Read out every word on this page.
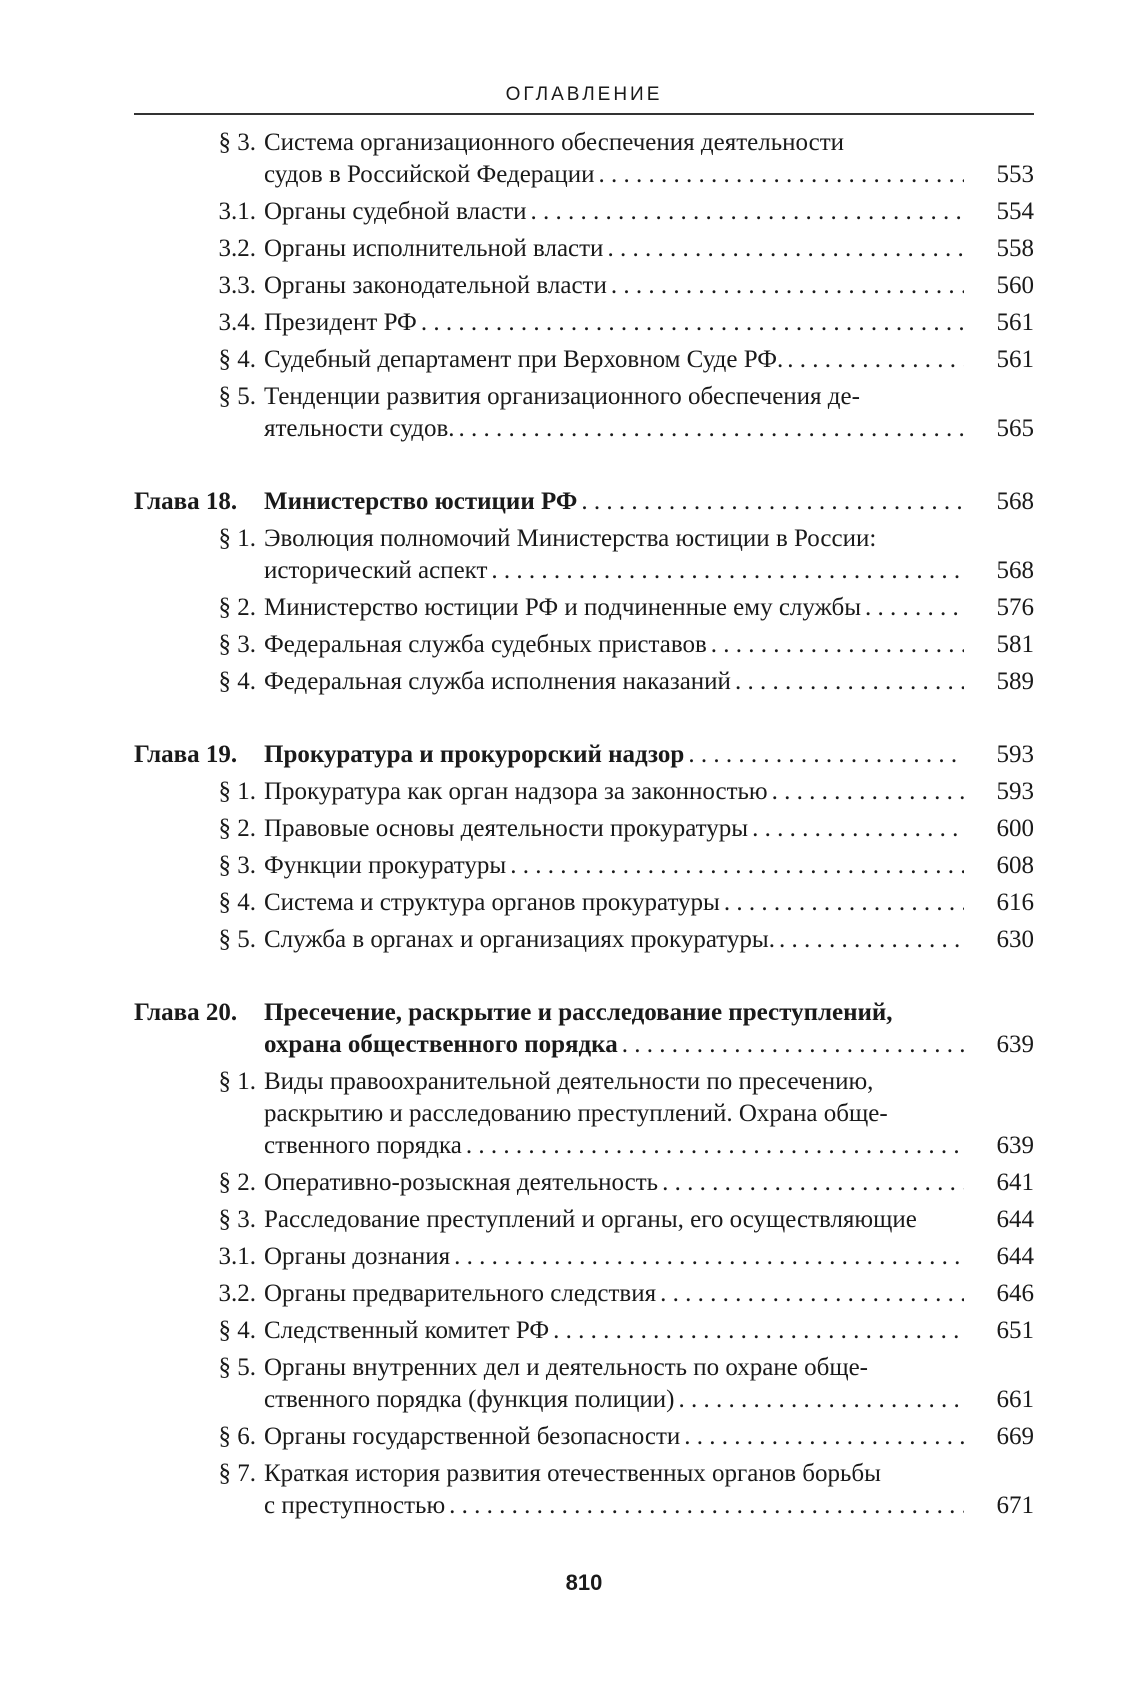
ОГЛАВЛЕНИЕ
§ 3. Система организационного обеспечения деятельности
судов в Российской Федерации . . .	553
3.1. Органы судебной власти . . .	554
3.2. Органы исполнительной власти . . .	558
3.3. Органы законодательной власти . . .	560
3.4. Президент РФ . . .	561
§ 4. Судебный департамент при Верховном Суде РФ. . . .	561
§ 5. Тенденции развития организационного обеспечения де-
ятельности судов. . . .	565
Глава 18. Министерство юстиции РФ . . .	568
§ 1. Эволюция полномочий Министерства юстиции в России:
исторический аспект . . .	568
§ 2. Министерство юстиции РФ и подчиненные ему службы . . .	576
§ 3. Федеральная служба судебных приставов . . .	581
§ 4. Федеральная служба исполнения наказаний . . .	589
Глава 19. Прокуратура и прокурорский надзор . . .	593
§ 1. Прокуратура как орган надзора за законностью . . .	593
§ 2. Правовые основы деятельности прокуратуры . . .	600
§ 3. Функции прокуратуры . . .	608
§ 4. Система и структура органов прокуратуры . . .	616
§ 5. Служба в органах и организациях прокуратуры. . . .	630
Глава 20. Пресечение, раскрытие и расследование преступлений,
охрана общественного порядка . . .	639
§ 1. Виды правоохранительной деятельности по пресечению,
раскрытию и расследованию преступлений. Охрана обще-
ственного порядка . . .	639
§ 2. Оперативно-розыскная деятельность . . .	641
§ 3. Расследование преступлений и органы, его осуществляющие	644
3.1. Органы дознания . . .	644
3.2. Органы предварительного следствия . . .	646
§ 4. Следственный комитет РФ . . .	651
§ 5. Органы внутренних дел и деятельность по охране обще-
ственного порядка (функция полиции) . . .	661
§ 6. Органы государственной безопасности . . .	669
§ 7. Краткая история развития отечественных органов борьбы
с преступностью . . .	671
810
